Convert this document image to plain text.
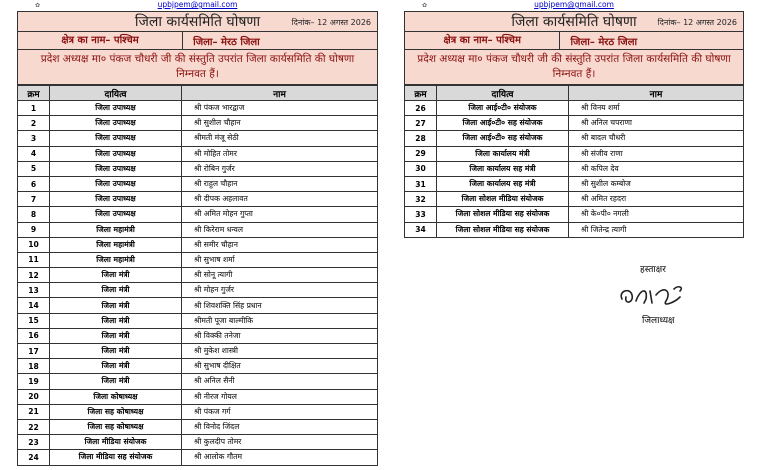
✿	upbjpem@gmail.com
जिला कार्यसमिति घोषणा	दिनांक– 12 अगस्त 2026
क्षेत्र का नाम– पश्चिम	जिला– मेरठ जिला
प्रदेश अध्यक्ष मा० पंकज चौधरी जी की संस्तुति उपरांत जिला कार्यसमिति की घोषणा निम्नवत हैं।
क्रम	दायित्व	नाम
1	जिला उपाध्यक्ष	श्री पंकज भारद्वाज
2	जिला उपाध्यक्ष	श्री सुशील चौहान
3	जिला उपाध्यक्ष	श्रीमती मंजू सेठी
4	जिला उपाध्यक्ष	श्री मोहित तोमर
5	जिला उपाध्यक्ष	श्री रोबिन गुर्जर
6	जिला उपाध्यक्ष	श्री राहुल चौहान
7	जिला उपाध्यक्ष	श्री दीपक अहलावत
8	जिला उपाध्यक्ष	श्री अमित मोहन गुप्ता
9	जिला महामंत्री	श्री किरेराम धन्वल
10	जिला महामंत्री	श्री समीर चौहान
11	जिला महामंत्री	श्री सुभाष शर्मा
12	जिला मंत्री	श्री सोनू त्यागी
13	जिला मंत्री	श्री मोहन गुर्जर
14	जिला मंत्री	श्री शिवशक्ति सिंह प्रधान
15	जिला मंत्री	श्रीमती पूजा बाल्मीकि
16	जिला मंत्री	श्री विक्की तनेजा
17	जिला मंत्री	श्री मुकेश शास्त्री
18	जिला मंत्री	श्री सुभाष दीक्षित
19	जिला मंत्री	श्री अनिल सैनी
20	जिला कोषाध्यक्ष	श्री नीरज गोयल
21	जिला सह कोषाध्यक्ष	श्री पंकज गर्ग
22	जिला सह कोषाध्यक्ष	श्री विनोद जिंदल
23	जिला मीडिया संयोजक	श्री कुलदीप तोमर
24	जिला मीडिया सह संयोजक	श्री आलोक गौतम
✿	upbjpem@gmail.com
जिला कार्यसमिति घोषणा	दिनांक– 12 अगस्त 2026
क्षेत्र का नाम– पश्चिम	जिला– मेरठ जिला
प्रदेश अध्यक्ष मा० पंकज चौधरी जी की संस्तुति उपरांत जिला कार्यसमिति की घोषणा निम्नवत हैं।
क्रम	दायित्व	नाम
26	जिला आई०टी० संयोजक	श्री विनय शर्मा
27	जिला आई०टी० सह संयोजक	श्री अनिल चपराणा
28	जिला आई०टी० सह संयोजक	श्री बादल चौधरी
29	जिला कार्यालय मंत्री	श्री संजीव राणा
30	जिला कार्यालय सह मंत्री	श्री कपिल देव
31	जिला कार्यालय सह मंत्री	श्री सुशील कम्बोज
32	जिला सोशल मीडिया संयोजक	श्री अमित रहदरा
33	जिला सोशल मीडिया सह संयोजक	श्री के०पी० नगली
34	जिला सोशल मीडिया सह संयोजक	श्री जितेन्द्र त्यागी
हस्ताक्षर
जिलाध्यक्ष
